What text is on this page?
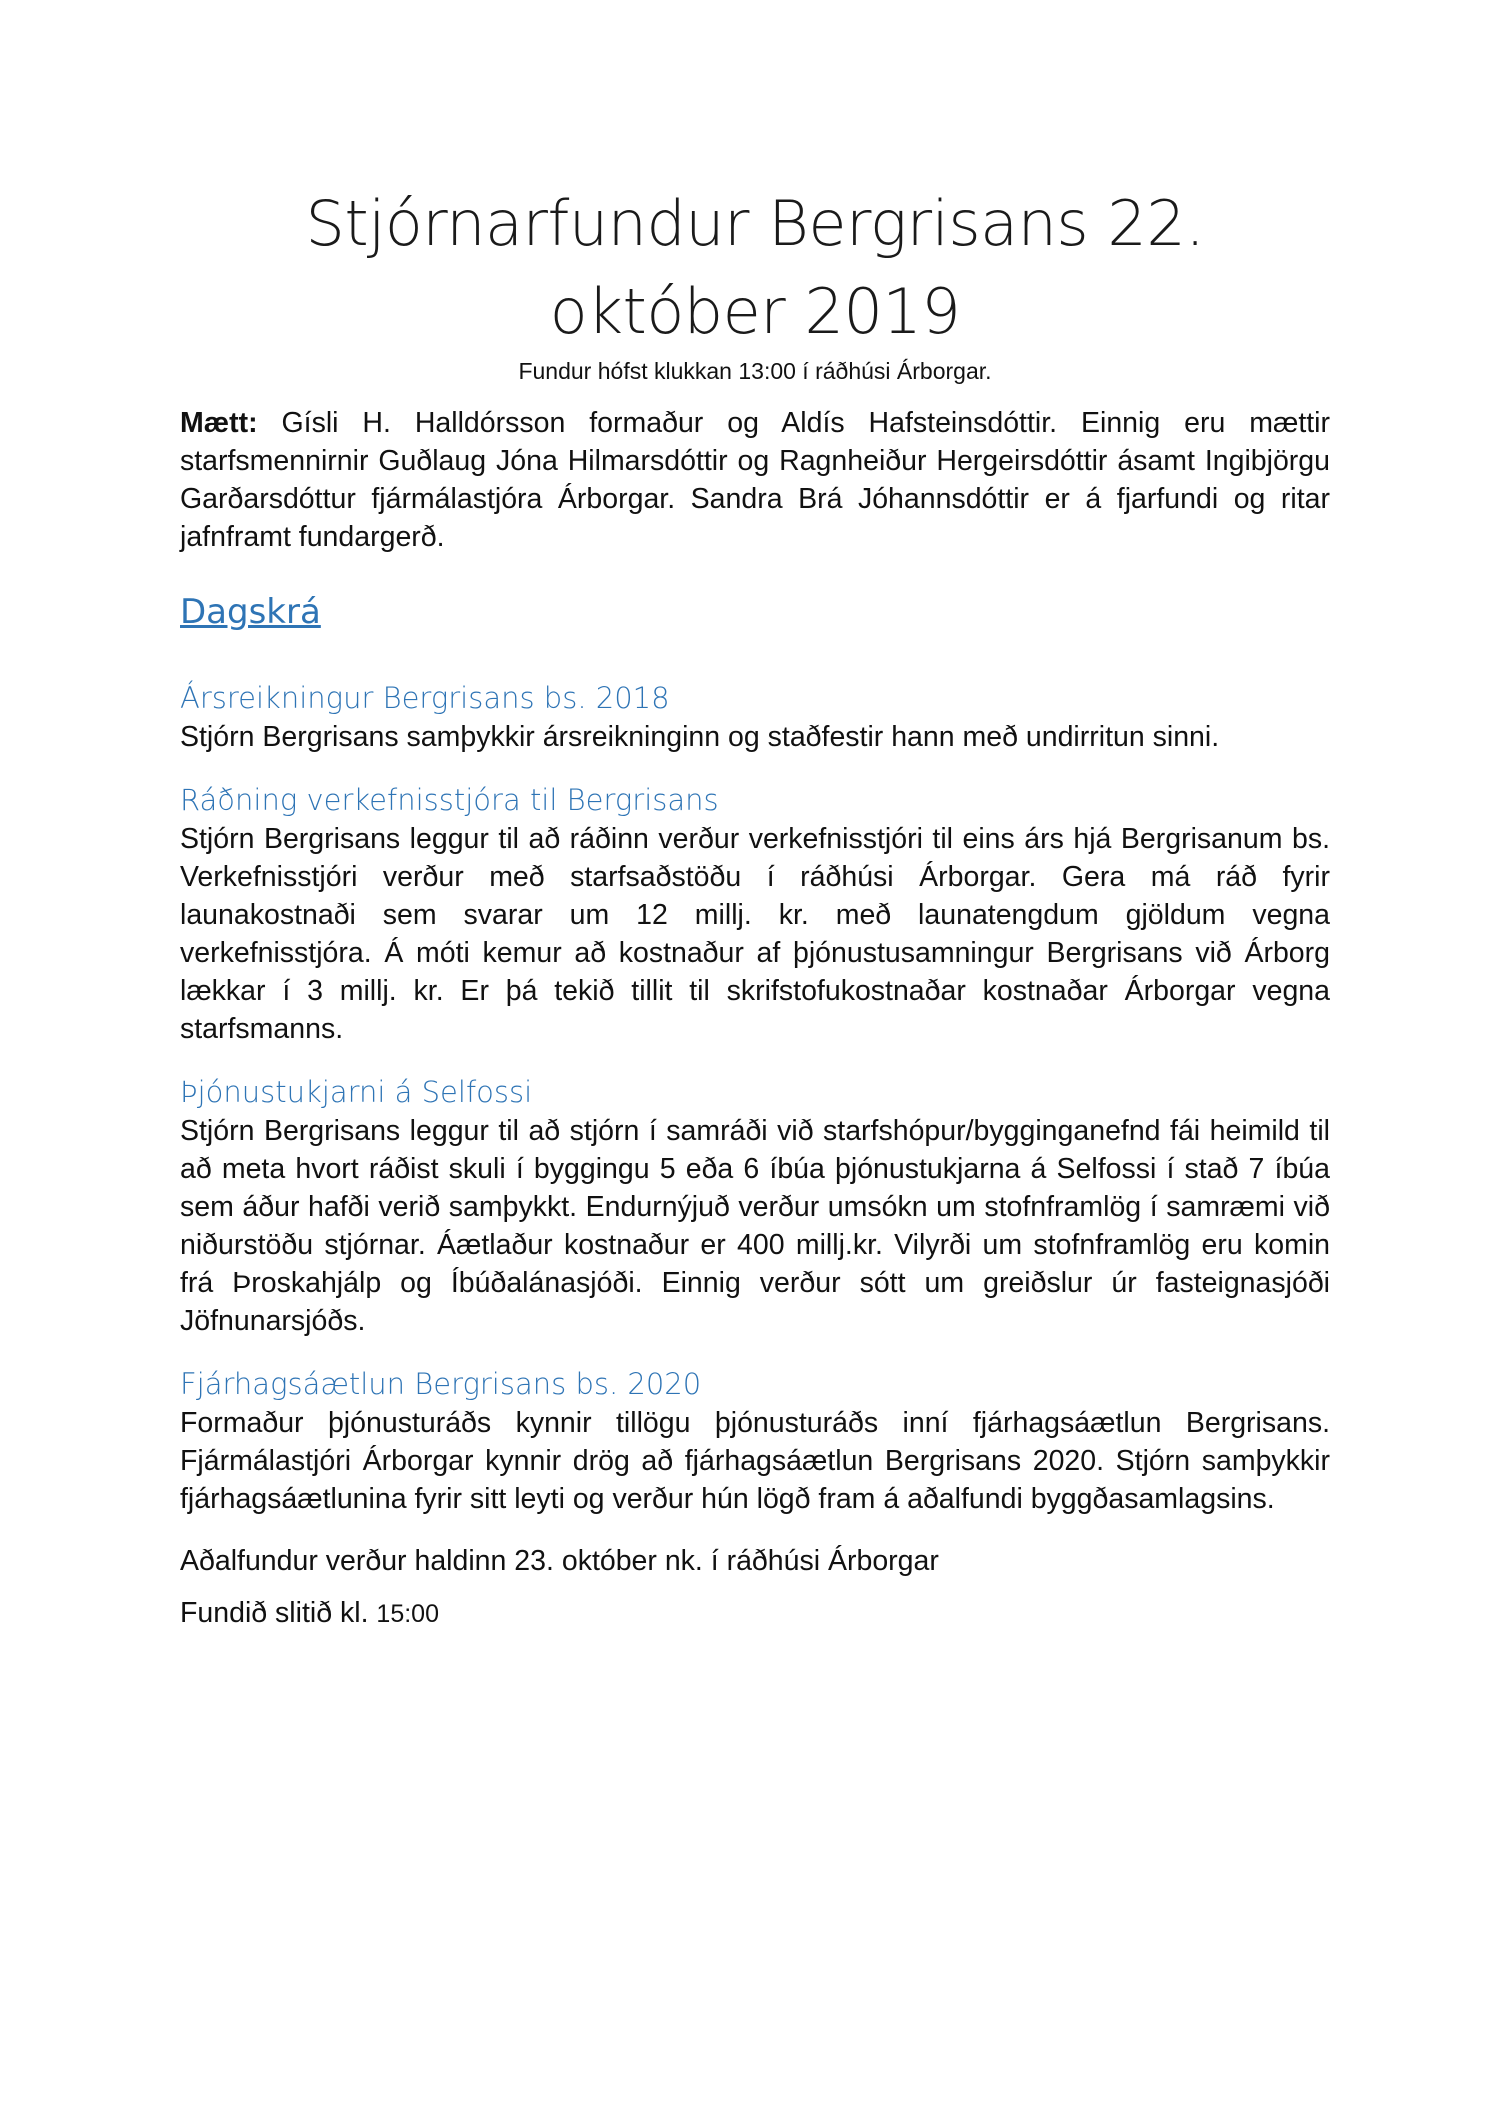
Stjórnarfundur Bergrisans 22. október 2019

Fundur hófst klukkan 13:00 í ráðhúsi Árborgar.

Mætt: Gísli H. Halldórsson formaður og Aldís Hafsteinsdóttir. Einnig eru mættir starfsmennirnir Guðlaug Jóna Hilmarsdóttir og Ragnheiður Hergeirsdóttir ásamt Ingibjörgu Garðarsdóttur fjármálastjóra Árborgar. Sandra Brá Jóhannsdóttir er á fjarfundi og ritar jafnframt fundargerð.

Dagskrá
Ársreikningur Bergrisans bs. 2018

Stjórn Bergrisans samþykkir ársreikninginn og staðfestir hann með undirritun sinni.

Ráðning verkefnisstjóra til Bergrisans

Stjórn Bergrisans leggur til að ráðinn verður verkefnisstjóri til eins árs hjá Bergrisanum bs. Verkefnisstjóri verður með starfsaðstöðu í ráðhúsi Árborgar. Gera má ráð fyrir launakostnaði sem svarar um 12 millj. kr. með launatengdum gjöldum vegna verkefnisstjóra. Á móti kemur að kostnaður af þjónustusamningur Bergrisans við Árborg lækkar í 3 millj. kr. Er þá tekið tillit til skrifstofukostnaðar kostnaðar Árborgar vegna starfsmanns.

Þjónustukjarni á Selfossi

Stjórn Bergrisans leggur til að stjórn í samráði við starfshópur/bygginganefnd fái heimild til að meta hvort ráðist skuli í byggingu 5 eða 6 íbúa þjónustukjarna á Selfossi í stað 7 íbúa sem áður hafði verið samþykkt. Endurnýjuð verður umsókn um stofnframlög í samræmi við niðurstöðu stjórnar. Áætlaður kostnaður er 400 millj.kr. Vilyrði um stofnframlög eru komin frá Þroskahjálp og Íbúðalánasjóði. Einnig verður sótt um greiðslur úr fasteignasjóði Jöfnunarsjóðs.

Fjárhagsáætlun Bergrisans bs. 2020

Formaður þjónusturáðs kynnir tillögu þjónusturáðs inní fjárhagsáætlun Bergrisans. Fjármálastjóri Árborgar kynnir drög að fjárhagsáætlun Bergrisans 2020. Stjórn samþykkir fjárhagsáætlunina fyrir sitt leyti og verður hún lögð fram á aðalfundi byggðasamlagsins.

Aðalfundur verður haldinn 23. október nk. í ráðhúsi Árborgar

Fundið slitið kl. 15:00
